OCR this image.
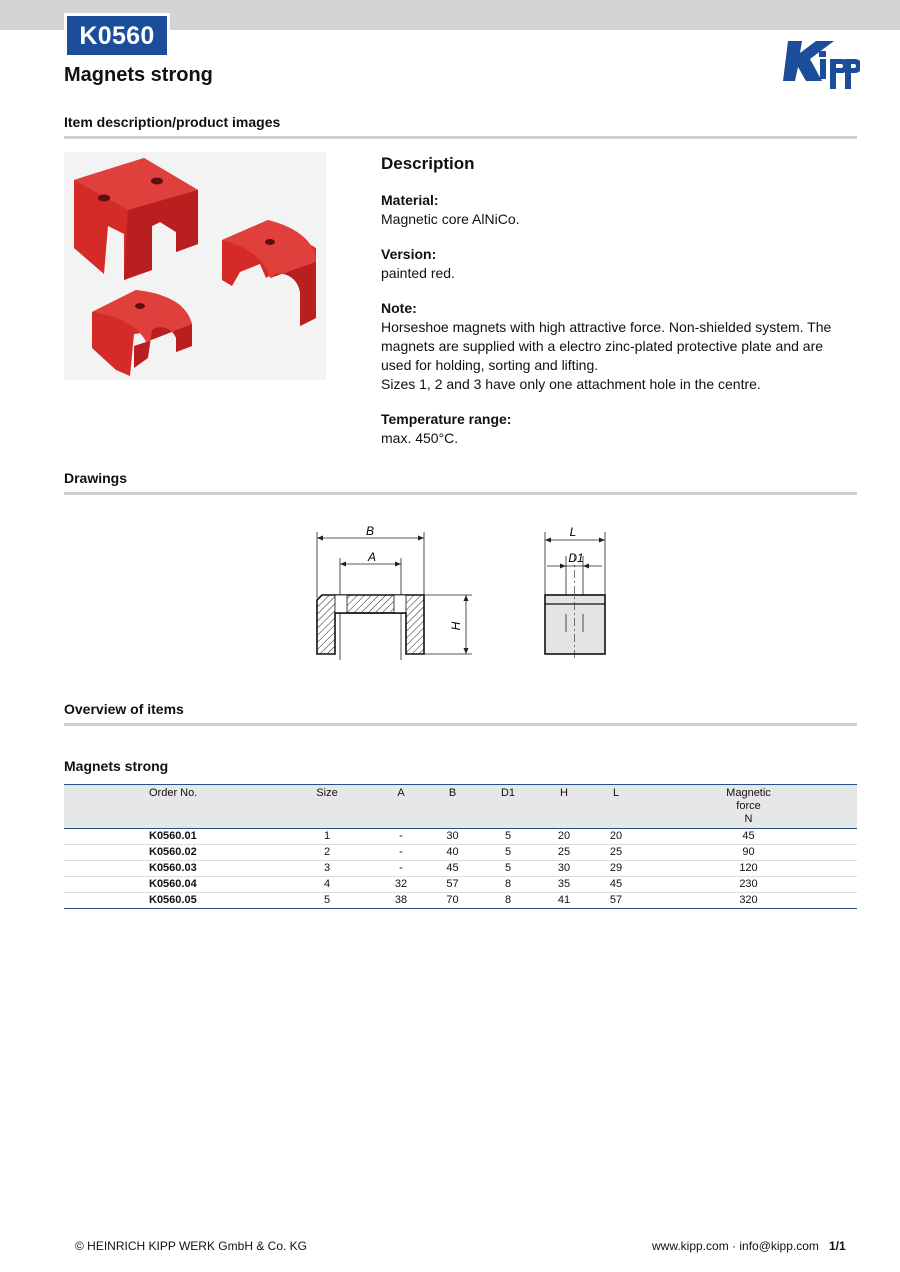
K0560
Magnets strong
Item description/product images
Description
Material:
Magnetic core AlNiCo.
Version:
painted red.
Note:
Horseshoe magnets with high attractive force. Non-shielded system. The magnets are supplied with a electro zinc-plated protective plate and are used for holding, sorting and lifting.
Sizes 1, 2 and 3 have only one attachment hole in the centre.
Temperature range:
max. 450°C.
Drawings
B
A
H
L
D1
Overview of items
Magnets strong
Order No.	Size	A	B	D1	H	L	Magnetic
force
N

K0560.01	1	-	30	5	20	20	45
K0560.02	2	-	40	5	25	25	90
K0560.03	3	-	45	5	30	29	120
K0560.04	4	32	57	8	35	45	230
K0560.05	5	38	70	8	41	57	320
© HEINRICH KIPP WERK GmbH & Co. KG	www.kipp.com · info@kipp.com 1/1
